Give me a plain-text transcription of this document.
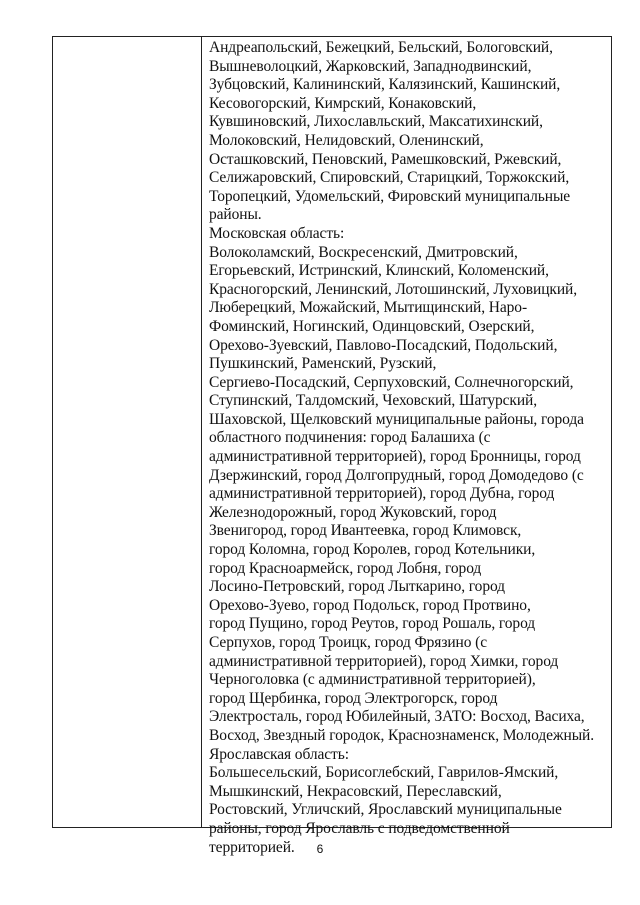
Андреапольский, Бежецкий, Бельский, Бологовский,
Вышневолоцкий, Жарковский, Западнодвинский,
Зубцовский, Калининский, Калязинский, Кашинский,
Кесовогорский, Кимрский, Конаковский,
Кувшиновский, Лихославльский, Максатихинский,
Молоковский, Нелидовский, Оленинский,
Осташковский, Пеновский, Рамешковский, Ржевский,
Селижаровский, Спировский, Старицкий, Торжокский,
Торопецкий, Удомельский, Фировский муниципальные
районы.
Московская область:
Волоколамский, Воскресенский, Дмитровский,
Егорьевский, Истринский, Клинский, Коломенский,
Красногорский, Ленинский, Лотошинский, Луховицкий,
Люберецкий, Можайский, Мытищинский, Наро-
Фоминский, Ногинский, Одинцовский, Озерский,
Орехово-Зуевский, Павлово-Посадский, Подольский,
Пушкинский, Раменский, Рузский,
Сергиево-Посадский, Серпуховский, Солнечногорский,
Ступинский, Талдомский, Чеховский, Шатурский,
Шаховской, Щелковский муниципальные районы, города
областного подчинения: город Балашиха (с
административной территорией), город Бронницы, город
Дзержинский, город Долгопрудный, город Домодедово (с
административной территорией), город Дубна, город
Железнодорожный, город Жуковский, город
Звенигород, город Ивантеевка, город Климовск,
город Коломна, город Королев, город Котельники,
город Красноармейск, город Лобня, город
Лосино-Петровский, город Лыткарино, город
Орехово-Зуево, город Подольск, город Протвино,
город Пущино, город Реутов, город Рошаль, город
Серпухов, город Троицк, город Фрязино (с
административной территорией), город Химки, город
Черноголовка (с административной территорией),
город Щербинка, город Электрогорск, город
Электросталь, город Юбилейный, ЗАТО: Восход, Васиха,
Восход, Звездный городок, Краснознаменск, Молодежный.
Ярославская область:
Большесельский, Борисоглебский, Гаврилов-Ямский,
Мышкинский, Некрасовский, Переславский,
Ростовский, Угличский, Ярославский муниципальные
районы, город Ярославль с подведомственной
территорией.	6
